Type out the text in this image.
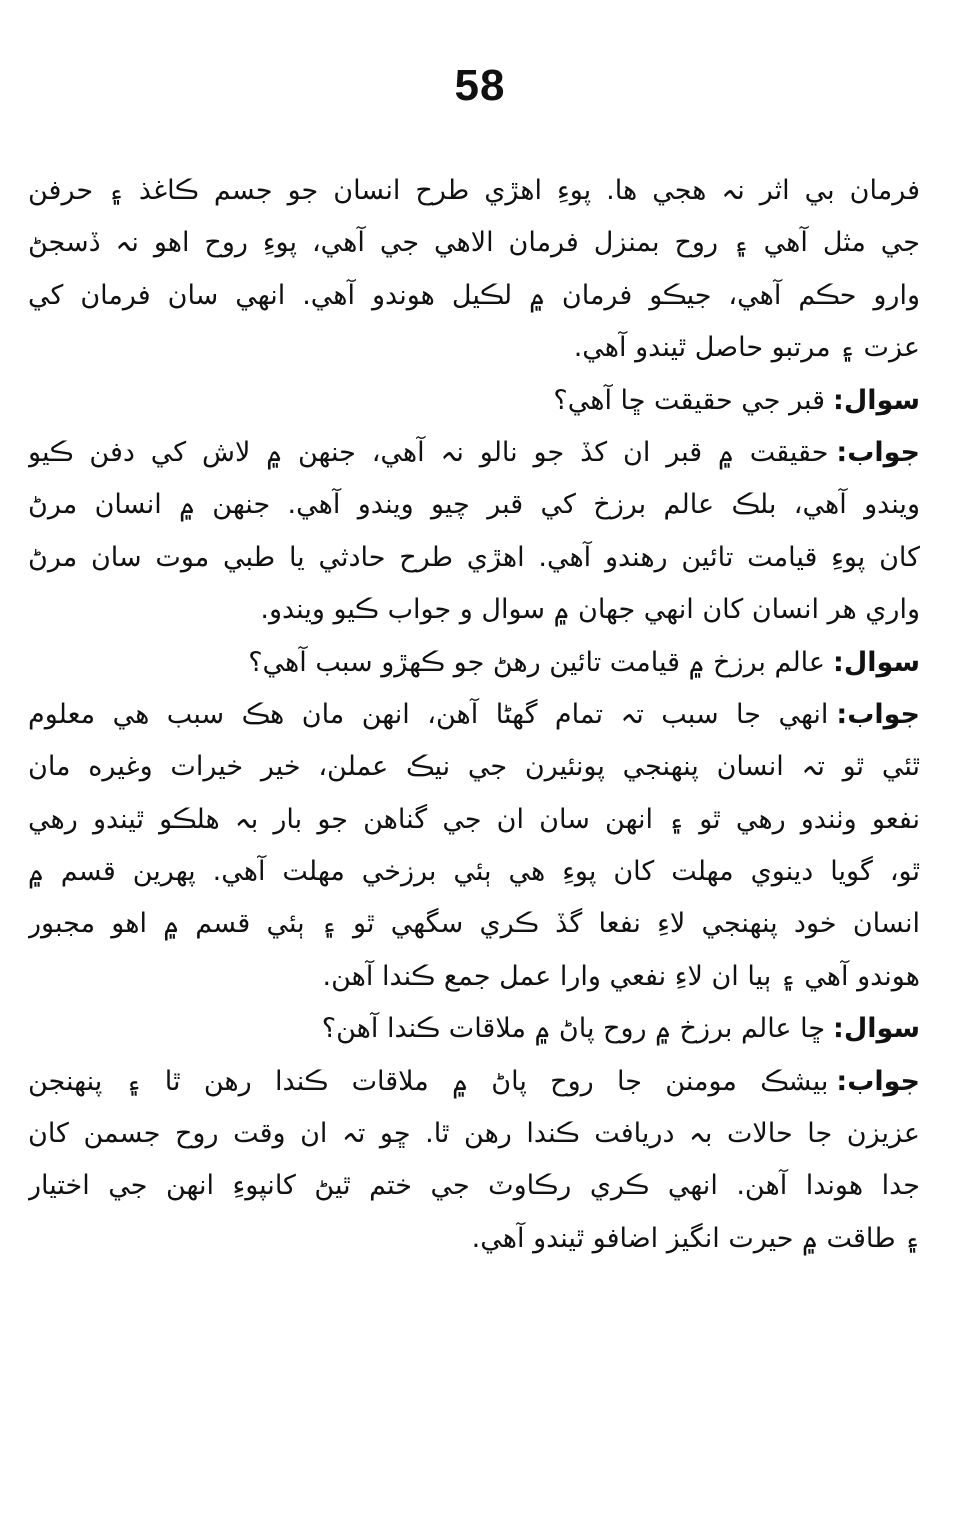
58
فرمان بي اثر نہ هجي ها. پوءِ اهڙي طرح انسان جو جسم ڪاغذ ۽ حرفن
جي مثل آهي ۽ روح بمنزل فرمان الاهي جي آهي، پوءِ روح اهو نہ ڏسجڻ
وارو حڪم آهي، جيڪو فرمان ۾ لڪيل هوندو آهي. انهي سان فرمان کي
عزت ۽ مرتبو حاصل ٿيندو آهي.
سوال:قبر جي حقيقت ڇا آهي؟
جواب:حقيقت ۾ قبر ان کڏ جو نالو نہ آهي، جنهن ۾ لاش کي دفن ڪيو
ويندو آهي، بلڪ عالم برزخ کي قبر چيو ويندو آهي. جنهن ۾ انسان مرڻ
کان پوءِ قيامت تائين رهندو آهي. اهڙي طرح حادثي يا طبي موت سان مرڻ
واري هر انسان کان انهي جهان ۾ سوال و جواب ڪيو ويندو.
سوال:عالم برزخ ۾ قيامت تائين رهڻ جو ڪهڙو سبب آهي؟
جواب:انهي جا سبب تہ تمام گهڻا آهن، انهن مان هڪ سبب هي معلوم
ٿئي ٿو تہ انسان پنهنجي پونئيرن جي نيڪ عملن، خير خيرات وغيره مان
نفعو وٺندو رهي ٿو ۽ انهن سان ان جي گناهن جو بار بہ هلڪو ٿيندو رهي
ٿو، گويا دينوي مهلت کان پوءِ هي ٻئي برزخي مهلت آهي. پهرين قسم ۾
انسان خود پنهنجي لاءِ نفعا گڏ ڪري سگهي ٿو ۽ ٻئي قسم ۾ اهو مجبور
هوندو آهي ۽ ٻيا ان لاءِ نفعي وارا عمل جمع ڪندا آهن.
سوال:ڇا عالم برزخ ۾ روح پاڻ ۾ ملاقات ڪندا آهن؟
جواب:بيشڪ مومنن جا روح پاڻ ۾ ملاقات ڪندا رهن ٿا ۽ پنهنجن
عزيزن جا حالات بہ دريافت ڪندا رهن ٿا. ڇو تہ ان وقت روح جسمن کان
جدا هوندا آهن. انهي ڪري رڪاوٽ جي ختم ٿيڻ کانپوءِ انهن جي اختيار
۽ طاقت ۾ حيرت انگيز اضافو ٿيندو آهي.
